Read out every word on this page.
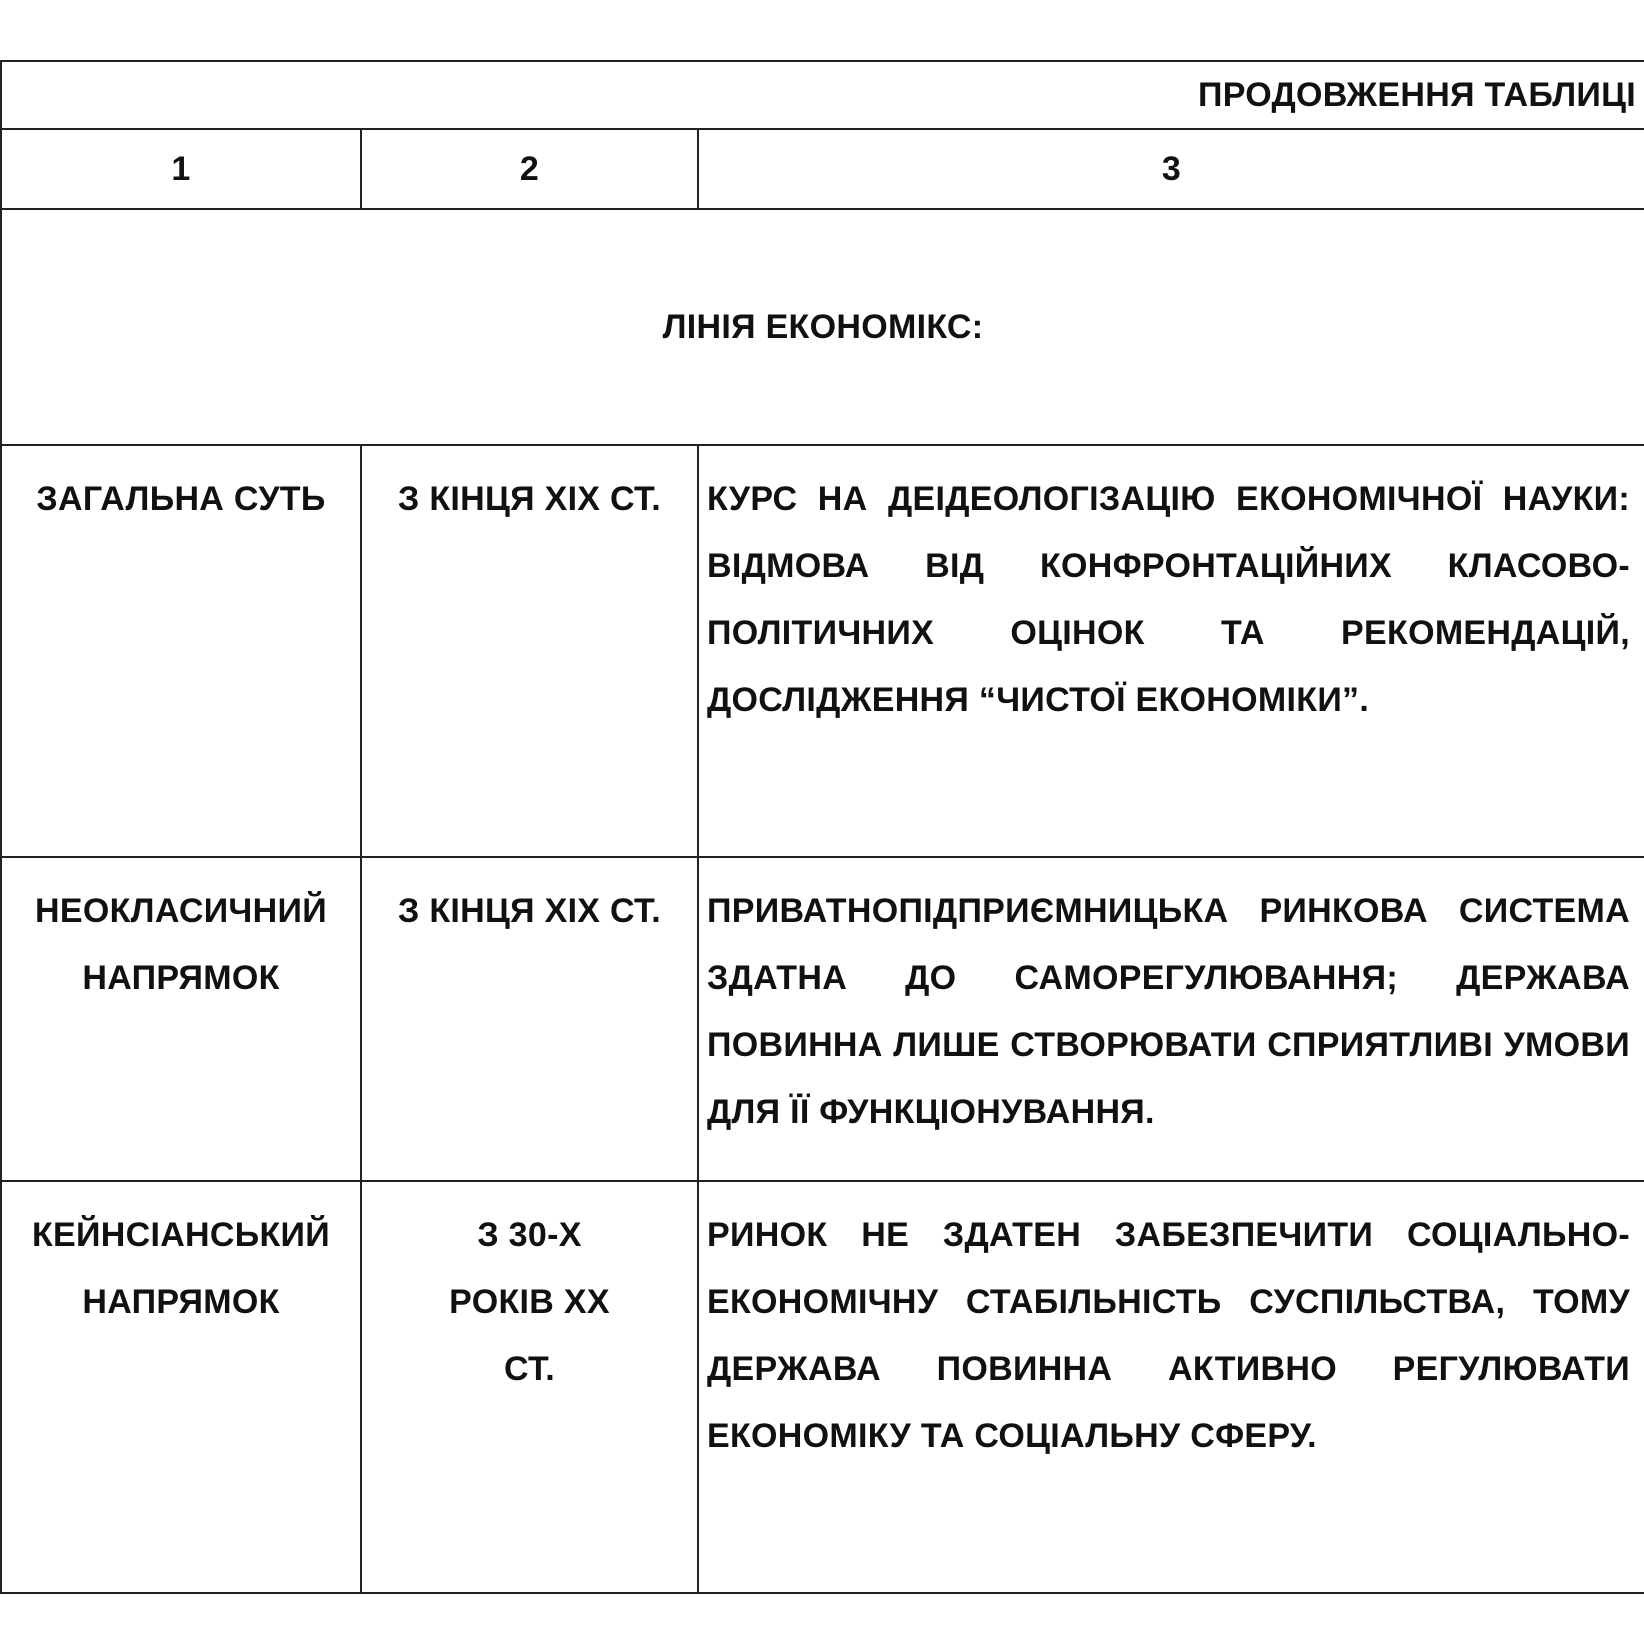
ПРОДОВЖЕННЯ ТАБЛИЦІ		
1	2	3
ЛІНІЯ ЕКОНОМІКС:		

ЗАГАЛЬНА СУТЬ	З КІНЦЯ XIX СТ.	КУРС НА ДЕІДЕОЛОГІЗАЦІЮ ЕКОНОМІЧНОЇ НАУКИ: ВІДМОВА ВІД КОНФРОНТАЦІЙНИХ КЛАСОВО-ПОЛІТИЧНИХ ОЦІНОК ТА РЕКОМЕНДАЦІЙ, ДОСЛІДЖЕННЯ “ЧИСТОЇ ЕКОНОМІКИ”.

НЕОКЛАСИЧНИЙ НАПРЯМОК	З КІНЦЯ XIX СТ.	ПРИВАТНОПІДПРИЄМНИЦЬКА РИНКОВА СИСТЕМА ЗДАТНА ДО САМОРЕГУЛЮВАННЯ; ДЕРЖАВА ПОВИННА ЛИШЕ СТВОРЮВАТИ СПРИЯТЛИВІ УМОВИ ДЛЯ ЇЇ ФУНКЦІОНУВАННЯ.

КЕЙНСІАНСЬКИЙ НАПРЯМОК	З 30-Х РОКІВ XX СТ.	РИНОК НЕ ЗДАТЕН ЗАБЕЗПЕЧИТИ СОЦІАЛЬНО-ЕКОНОМІЧНУ СТАБІЛЬНІСТЬ СУСПІЛЬСТВА, ТОМУ ДЕРЖАВА ПОВИННА АКТИВНО РЕГУЛЮВАТИ ЕКОНОМІКУ ТА СОЦІАЛЬНУ СФЕРУ.
